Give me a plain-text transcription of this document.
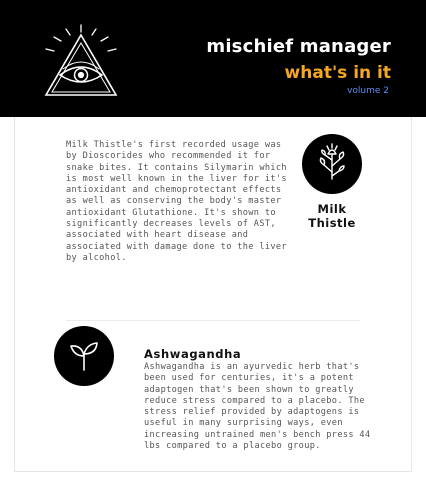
mischief manager
what's in it
volume 2
Milk Thistle's first recorded usage was by Dioscorides who recommended it for snake bites. It contains Silymarin which is most well known in the liver for it's antioxidant and chemoprotectant effects as well as conserving the body's master antioxidant Glutathione. It's shown to significantly decreases levels of AST, associated with heart disease and associated with damage done to the liver by alcohol.
Milk Thistle
Ashwagandha
Ashwagandha is an ayurvedic herb that's been used for centuries, it's a potent adaptogen that's been shown to greatly reduce stress compared to a placebo. The stress relief provided by adaptogens is useful in many surprising ways, even increasing untrained men's bench press 44 lbs compared to a placebo group.
